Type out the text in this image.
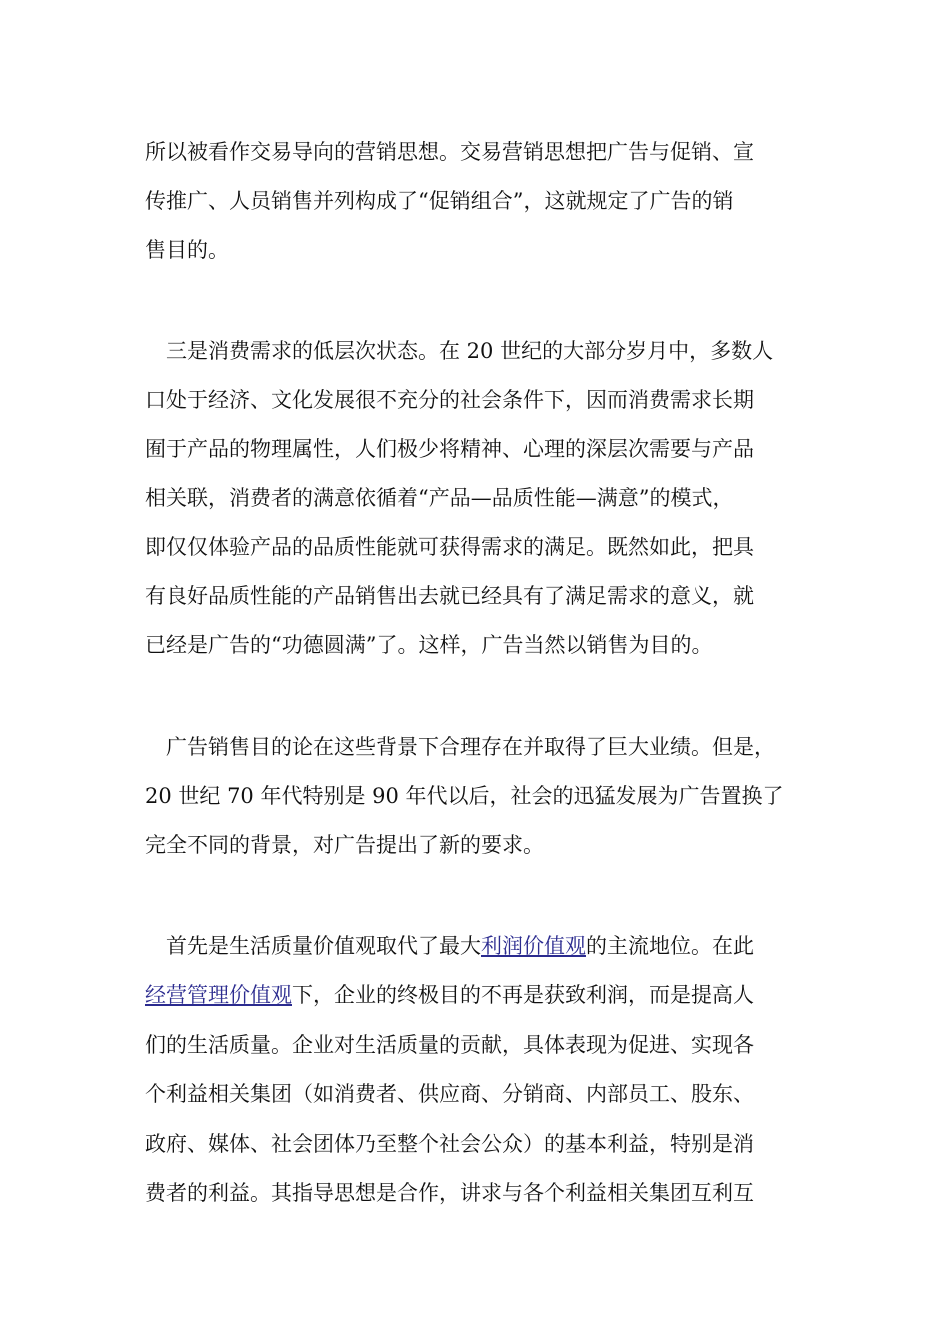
所以被看作交易导向的营销思想。交易营销思想把广告与促销、宣
传推广、人员销售并列构成了“促销组合”，这就规定了广告的销
售目的。
三是消费需求的低层次状态。在 20 世纪的大部分岁月中，多数人
口处于经济、文化发展很不充分的社会条件下，因而消费需求长期
囿于产品的物理属性，人们极少将精神、心理的深层次需要与产品
相关联，消费者的满意依循着“产品—品质性能—满意”的模式，
即仅仅体验产品的品质性能就可获得需求的满足。既然如此，把具
有良好品质性能的产品销售出去就已经具有了满足需求的意义，就
已经是广告的“功德圆满”了。这样，广告当然以销售为目的。
广告销售目的论在这些背景下合理存在并取得了巨大业绩。但是，
20 世纪 70 年代特别是 90 年代以后，社会的迅猛发展为广告置换了
完全不同的背景，对广告提出了新的要求。
首先是生活质量价值观取代了最大利润价值观的主流地位。在此
经营管理价值观下，企业的终极目的不再是获致利润，而是提高人
们的生活质量。企业对生活质量的贡献，具体表现为促进、实现各
个利益相关集团（如消费者、供应商、分销商、内部员工、股东、
政府、媒体、社会团体乃至整个社会公众）的基本利益，特别是消
费者的利益。其指导思想是合作，讲求与各个利益相关集团互利互
